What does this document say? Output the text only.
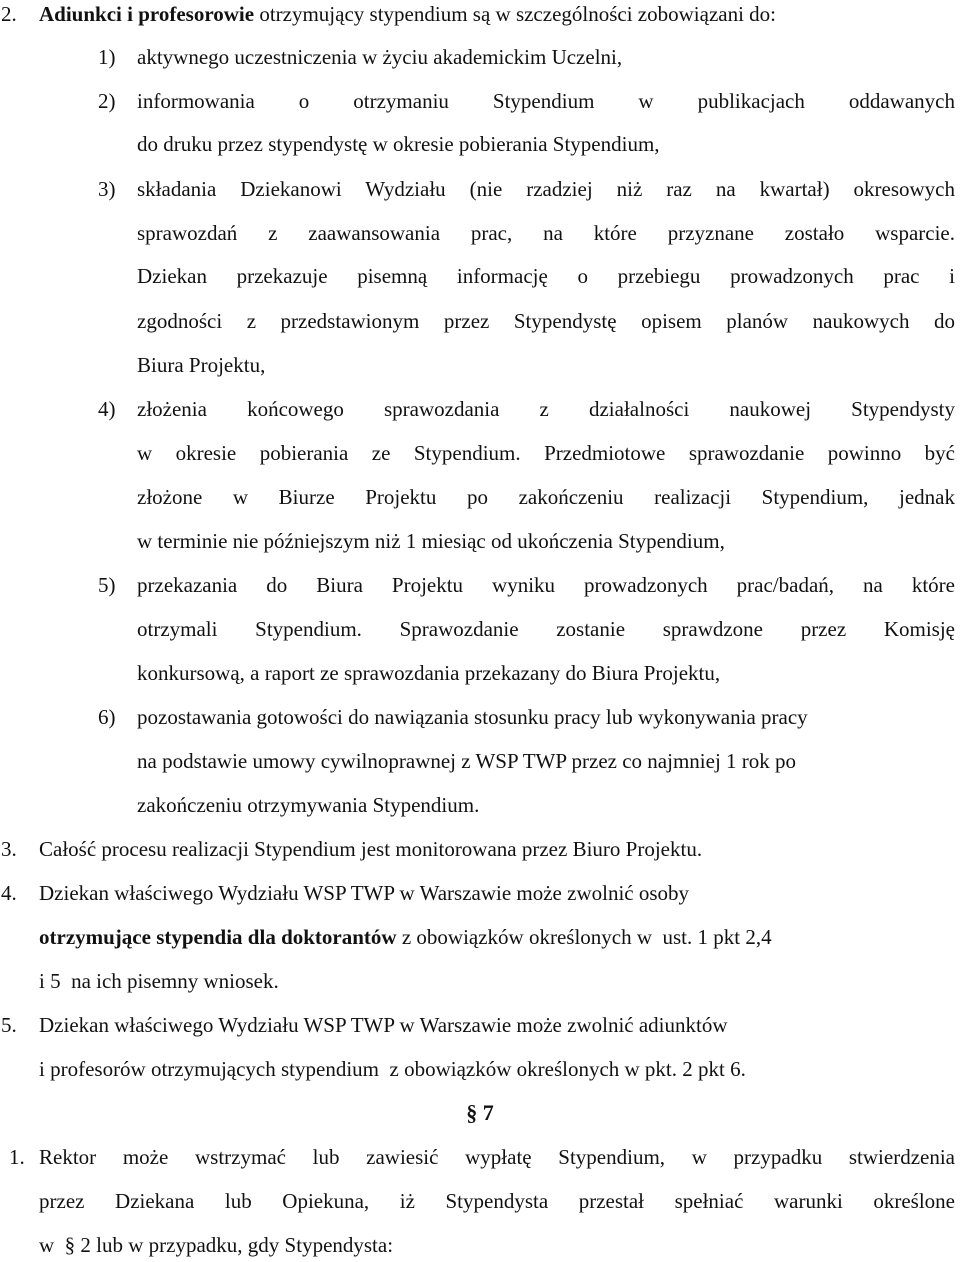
2. Adiunkci i profesorowie otrzymujący stypendium są w szczególności zobowiązani do:
1) aktywnego uczestniczenia w życiu akademickim Uczelni,
2) informowania o otrzymaniu Stypendium w publikacjach oddawanych
do druku przez stypendystę w okresie pobierania Stypendium,
3) składania Dziekanowi Wydziału (nie rzadziej niż raz na kwartał) okresowych
sprawozdań z zaawansowania prac, na które przyznane zostało wsparcie.
Dziekan przekazuje pisemną informację o przebiegu prowadzonych prac i
zgodności z przedstawionym przez Stypendystę opisem planów naukowych do
Biura Projektu,
4) złożenia końcowego sprawozdania z działalności naukowej Stypendysty
w okresie pobierania ze Stypendium. Przedmiotowe sprawozdanie powinno być
złożone w Biurze Projektu po zakończeniu realizacji Stypendium, jednak
w terminie nie późniejszym niż 1 miesiąc od ukończenia Stypendium,
5) przekazania do Biura Projektu wyniku prowadzonych prac/badań, na które
otrzymali Stypendium. Sprawozdanie zostanie sprawdzone przez Komisję
konkursową, a raport ze sprawozdania przekazany do Biura Projektu,
6) pozostawania gotowości do nawiązania stosunku pracy lub wykonywania pracy
na podstawie umowy cywilnoprawnej z WSP TWP przez co najmniej 1 rok po
zakończeniu otrzymywania Stypendium.
3. Całość procesu realizacji Stypendium jest monitorowana przez Biuro Projektu.
4. Dziekan właściwego Wydziału WSP TWP w Warszawie może zwolnić osoby
otrzymujące stypendia dla doktorantów z obowiązków określonych w  ust. 1 pkt 2,4
i 5  na ich pisemny wniosek.
5. Dziekan właściwego Wydziału WSP TWP w Warszawie może zwolnić adiunktów
i profesorów otrzymujących stypendium  z obowiązków określonych w pkt. 2 pkt 6.
§ 7
1. Rektor może wstrzymać lub zawiesić wypłatę Stypendium, w przypadku stwierdzenia
przez Dziekana lub Opiekuna, iż Stypendysta przestał spełniać warunki określone
w  § 2 lub w przypadku, gdy Stypendysta:
